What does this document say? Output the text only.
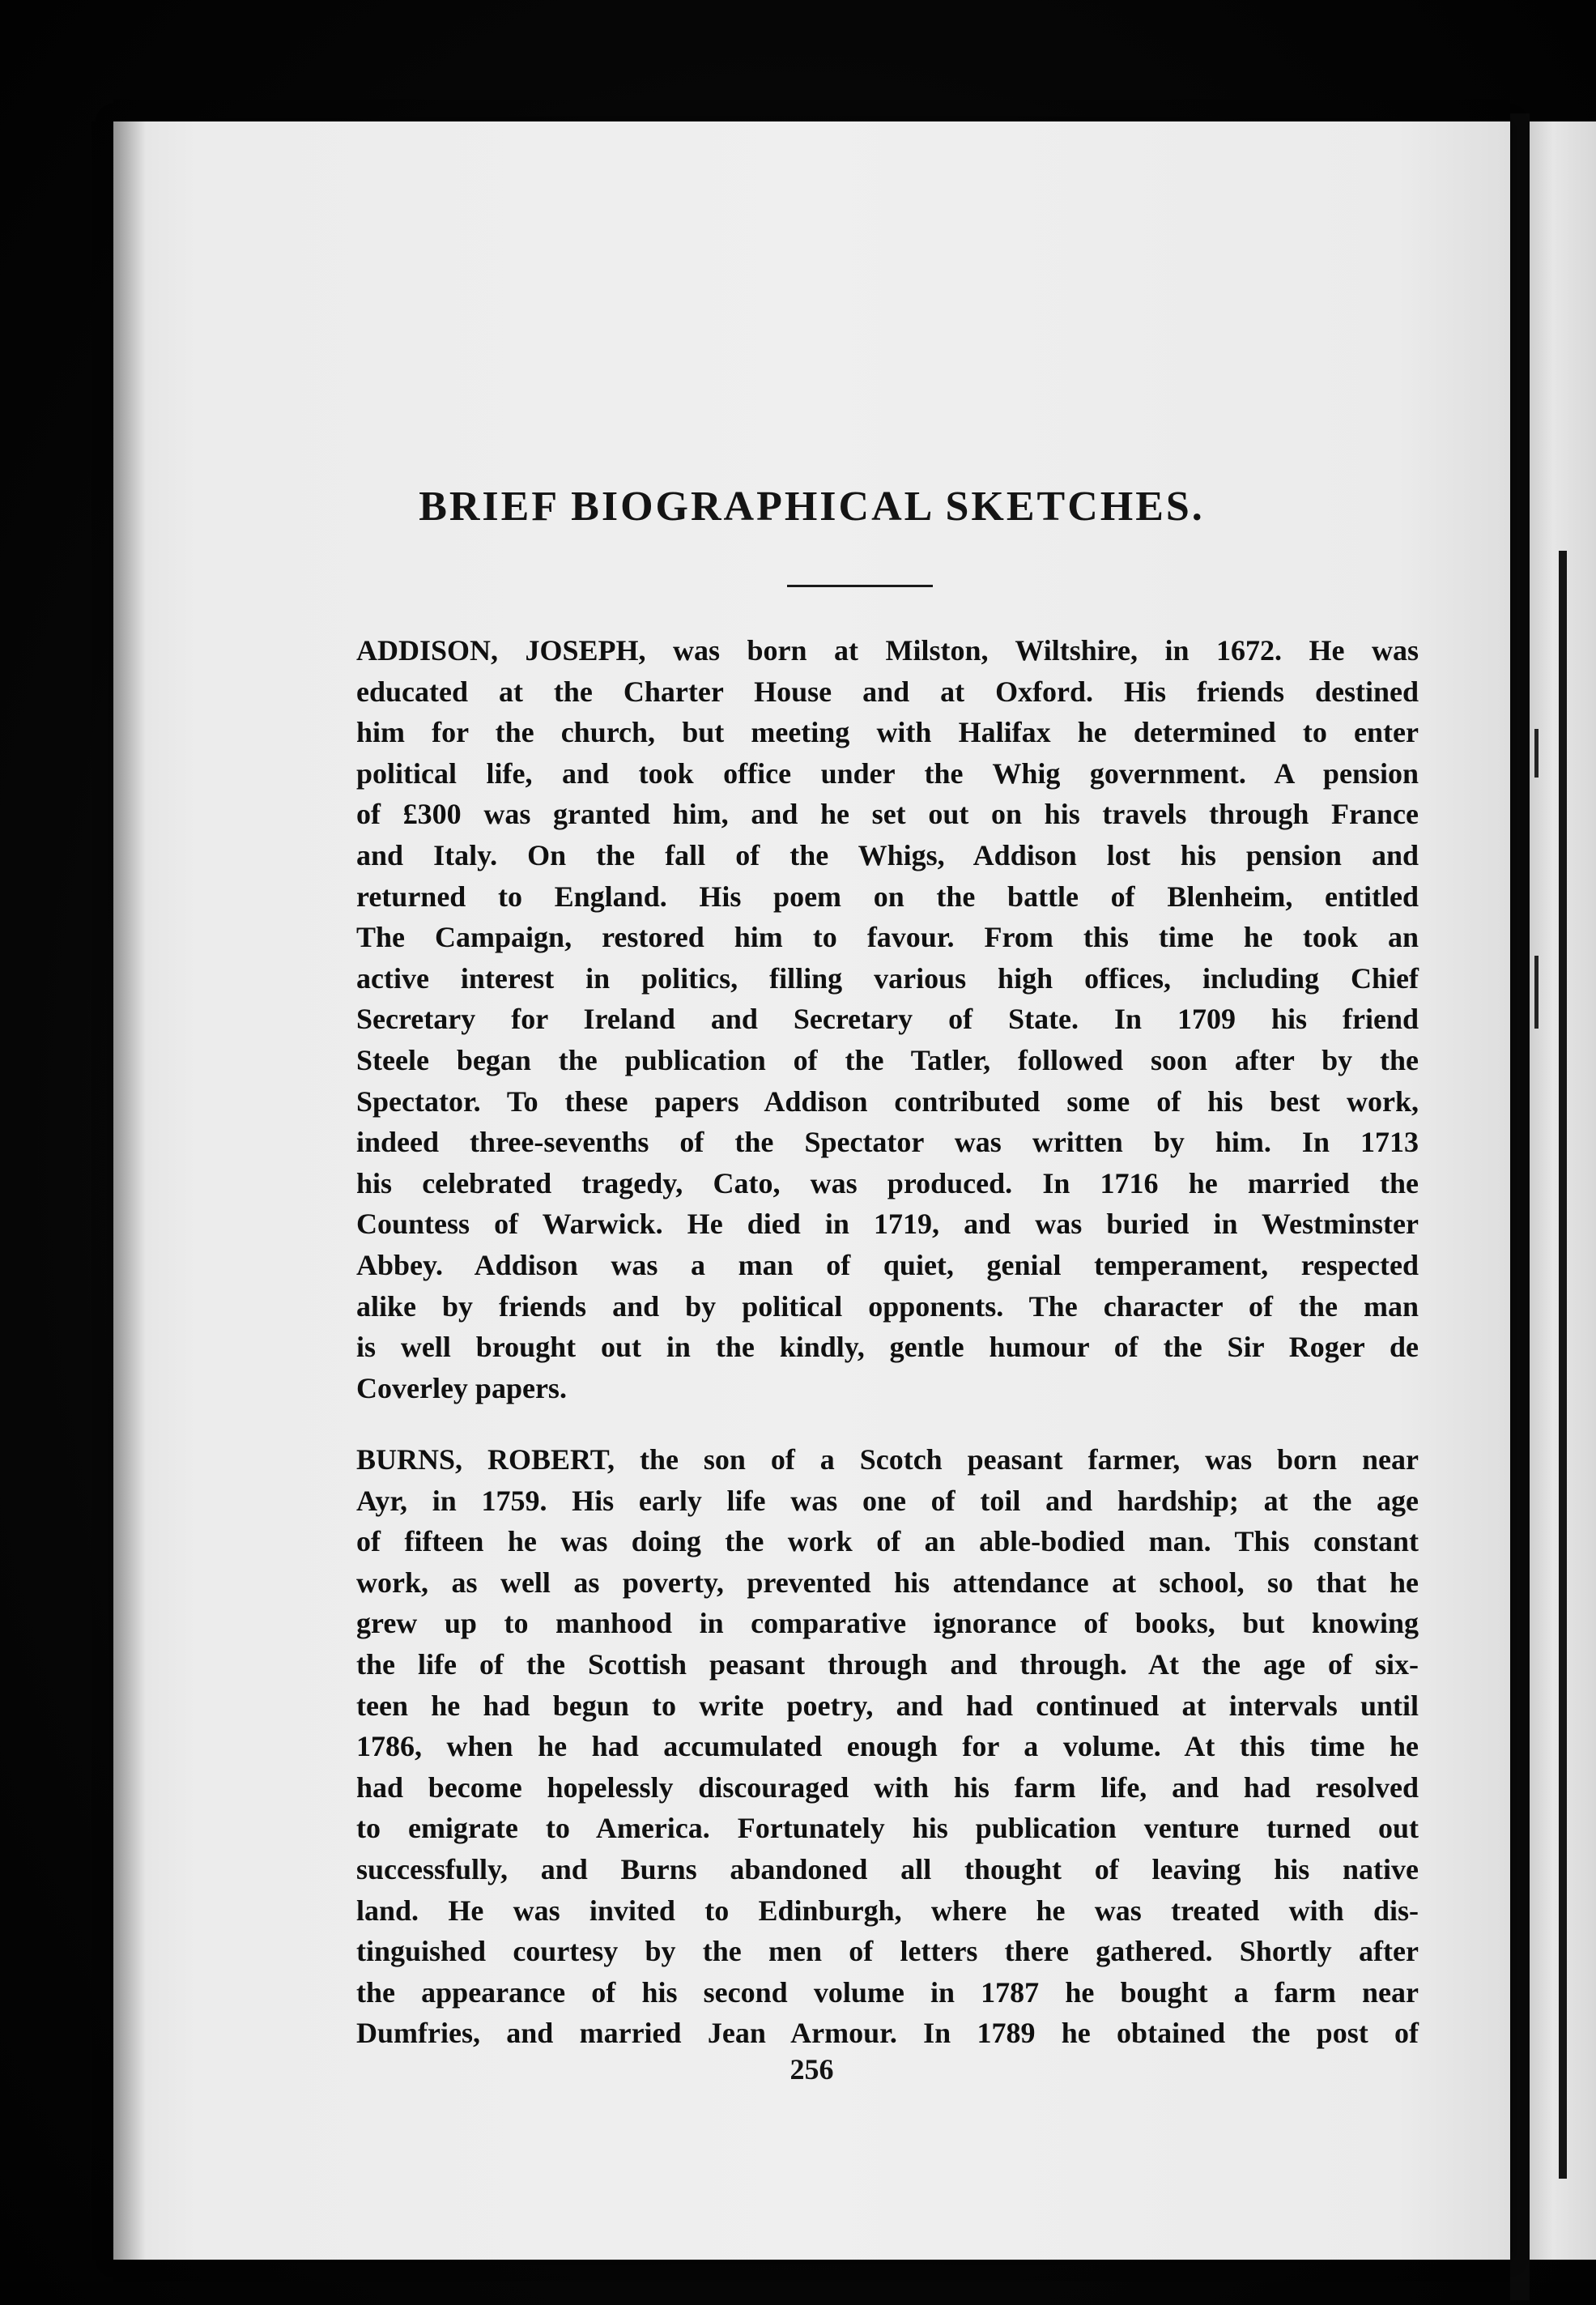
BRIEF BIOGRAPHICAL SKETCHES.
ADDISON, JOSEPH, was born at Milston, Wiltshire, in 1672. He was
educated at the Charter House and at Oxford. His friends destined
him for the church, but meeting with Halifax he determined to enter
political life, and took office under the Whig government. A pension
of £300 was granted him, and he set out on his travels through France
and Italy. On the fall of the Whigs, Addison lost his pension and
returned to England. His poem on the battle of Blenheim, entitled
The Campaign, restored him to favour. From this time he took an
active interest in politics, filling various high offices, including Chief
Secretary for Ireland and Secretary of State. In 1709 his friend
Steele began the publication of the Tatler, followed soon after by the
Spectator. To these papers Addison contributed some of his best work,
indeed three-sevenths of the Spectator was written by him. In 1713
his celebrated tragedy, Cato, was produced. In 1716 he married the
Countess of Warwick. He died in 1719, and was buried in Westminster
Abbey. Addison was a man of quiet, genial temperament, respected
alike by friends and by political opponents. The character of the man
is well brought out in the kindly, gentle humour of the Sir Roger de
Coverley papers.
BURNS, ROBERT, the son of a Scotch peasant farmer, was born near
Ayr, in 1759. His early life was one of toil and hardship; at the age
of fifteen he was doing the work of an able-bodied man. This constant
work, as well as poverty, prevented his attendance at school, so that he
grew up to manhood in comparative ignorance of books, but knowing
the life of the Scottish peasant through and through. At the age of six-
teen he had begun to write poetry, and had continued at intervals until
1786, when he had accumulated enough for a volume. At this time he
had become hopelessly discouraged with his farm life, and had resolved
to emigrate to America. Fortunately his publication venture turned out
successfully, and Burns abandoned all thought of leaving his native
land. He was invited to Edinburgh, where he was treated with dis-
tinguished courtesy by the men of letters there gathered. Shortly after
the appearance of his second volume in 1787 he bought a farm near
Dumfries, and married Jean Armour. In 1789 he obtained the post of
256
